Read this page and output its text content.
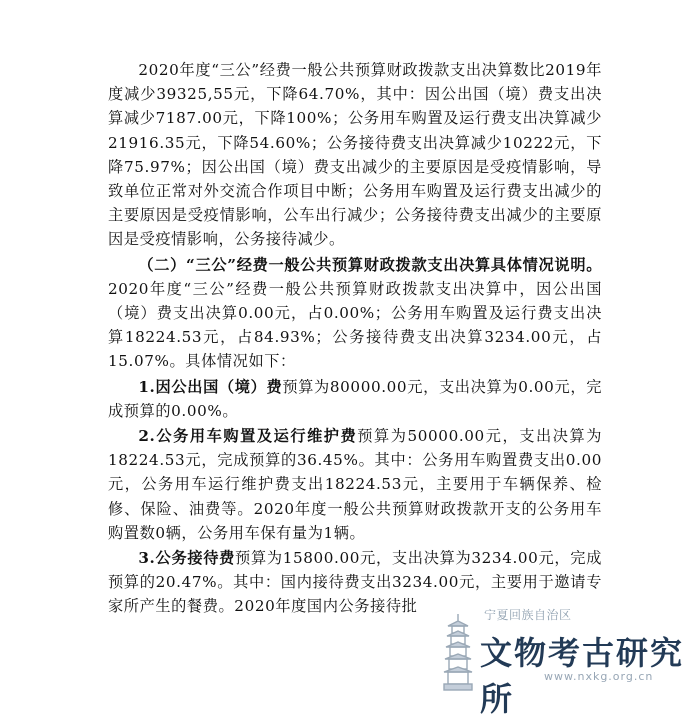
2020年度“三公”经费一般公共预算财政拨款支出决算数比2019年度减少39325,55元，下降64.70%，其中：因公出国（境）费支出决算减少7187.00元，下降100%；公务用车购置及运行费支出决算减少21916.35元，下降54.60%；公务接待费支出决算减少10222元，下降75.97%；因公出国（境）费支出减少的主要原因是受疫情影响，导致单位正常对外交流合作项目中断；公务用车购置及运行费支出减少的主要原因是受疫情影响，公车出行减少；公务接待费支出减少的主要原因是受疫情影响，公务接待减少。

（二）“三公”经费一般公共预算财政拨款支出决算具体情况说明。2020年度“三公”经费一般公共预算财政拨款支出决算中，因公出国（境）费支出决算0.00元，占0.00%；公务用车购置及运行费支出决算18224.53元，占84.93%；公务接待费支出决算3234.00元，占15.07%。具体情况如下：

1.因公出国（境）费预算为80000.00元，支出决算为0.00元，完成预算的0.00%。

2.公务用车购置及运行维护费预算为50000.00元，支出决算为18224.53元，完成预算的36.45%。其中：公务用车购置费支出0.00元，公务用车运行维护费支出18224.53元，主要用于车辆保养、检修、保险、油费等。2020年度一般公共预算财政拨款开支的公务用车购置数0辆，公务用车保有量为1辆。

3.公务接待费预算为15800.00元，支出决算为3234.00元，完成预算的20.47%。其中：国内接待费支出3234.00元，主要用于邀请专家所产生的餐费。2020年度国内公务接待批	宁夏回族自治区
文物考古研究所
www.nxkg.org.cn
